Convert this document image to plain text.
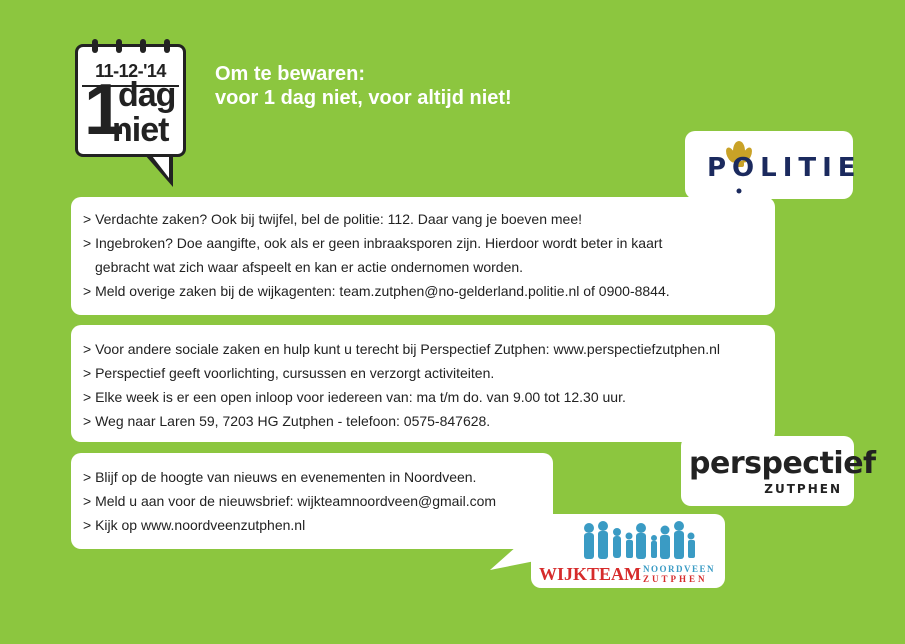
11-12-'14
1
dag
niet
Om te bewaren:
voor 1 dag niet, voor altijd niet!
POLITIE
> Verdachte zaken? Ook bij twijfel, bel de politie: 112. Daar vang je boeven mee!
> Ingebroken? Doe aangifte, ook als er geen inbraaksporen zijn. Hierdoor wordt beter in kaart
gebracht wat zich waar afspeelt en kan er actie ondernomen worden.
> Meld overige zaken bij de wijkagenten: team.zutphen@no-gelderland.politie.nl of 0900-8844.
> Voor andere sociale zaken en hulp kunt u terecht bij Perspectief Zutphen: www.perspectiefzutphen.nl
> Perspectief geeft voorlichting, cursussen en verzorgt activiteiten.
> Elke week is er een open inloop voor iedereen van: ma t/m do. van 9.00 tot 12.30 uur.
> Weg naar Laren 59, 7203 HG Zutphen - telefoon: 0575-847628.
perspectief
ZUTPHEN
> Blijf op de hoogte van nieuws en evenementen in Noordveen.
> Meld u aan voor de nieuwsbrief: wijkteamnoordveen@gmail.com
> Kijk op www.noordveenzutphen.nl
WIJKTEAM NOORDVEEN
ZUTPHEN
